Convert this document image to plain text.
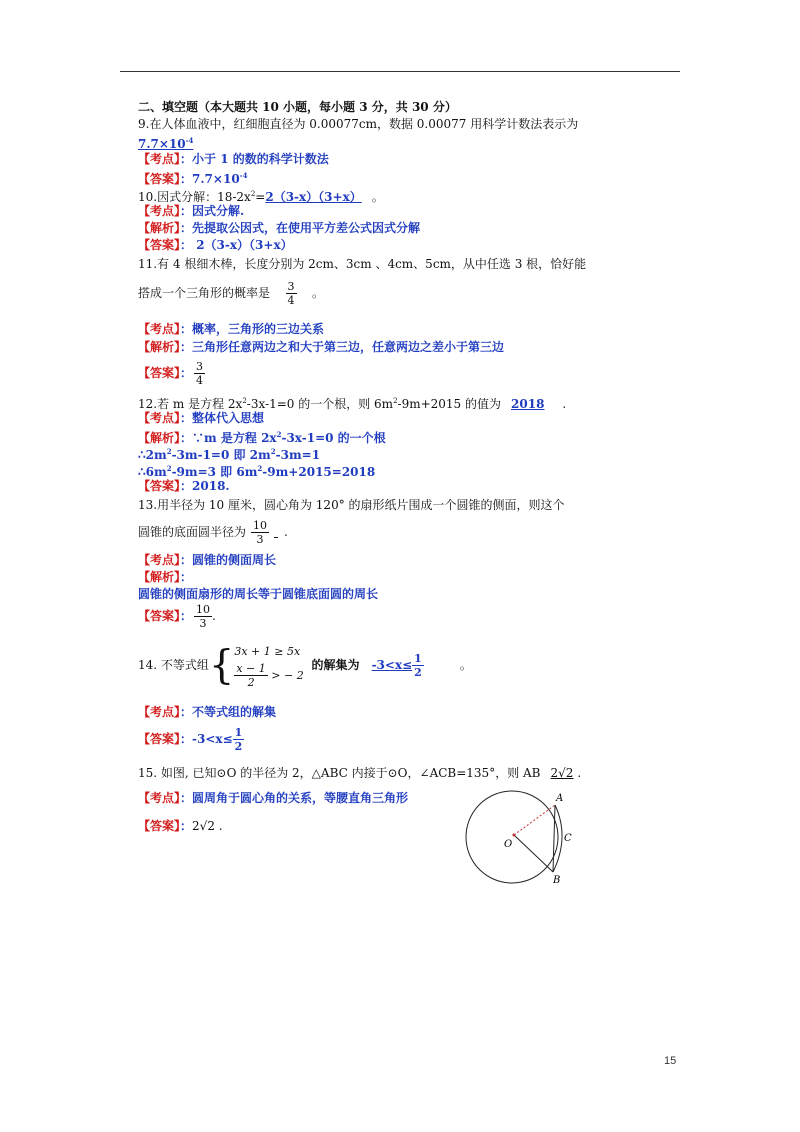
二、填空题（本大题共 10 小题，每小题 3 分，共 30 分）
9.在人体血液中，红细胞直径为 0.00077cm，数据 0.00077 用科学计数法表示为
$7.7\times 10^{-4}$
【考点】：小于 1 的数的科学计数法
【答案】：$7.7\times 10^{-4}$
10.因式分解：$18-2x^2=2(3-x)(3+x)$ 。
【考点】：因式分解.
【解析】：先提取公因式，在使用平方差公式因式分解
【答案】： 2（3-x）（3+x）
11.有 4 根细木棒，长度分别为 2cm、3cm 、4cm、5cm，从中任选 3 根，恰好能
搭成一个三角形的概率是 $\frac{3}{4}$ 。
【考点】：概率，三角形的三边关系
【解析】：三角形任意两边之和大于第三边，任意两边之差小于第三边
【答案】： $\frac{3}{4}$
12.若 m 是方程 $2x^2-3x-1=0$ 的一个根，则 $6m^2-9m+2015$ 的值为 2018 .
【考点】：整体代入思想
【解析】：∵m 是方程 $2x^2-3x-1=0$ 的一个根
$\therefore 2m^2-3m-1=0$ 即 $2m^2-3m=1$
$\therefore 6m^2-9m=3$ 即 $6m^2-9m+2015=2018$
【答案】：2018.
13.用半径为 10 厘米，圆心角为 120° 的扇形纸片围成一个圆锥的侧面，则这个
圆锥的底面圆半径为 $\frac{10}{3}$ .
【考点】：圆锥的侧面周长
【解析】：
圆锥的侧面扇形的周长等于圆锥底面圆的周长
【答案】： $\frac{10}{3}$ .
14. 不等式组{ 3x + 1 ≥ 5x
$\frac{x - 1}{2}$
> − 2
的解集为 $-3<x\le \frac{1}{2}$	。
【考点】：不等式组的解集
【答案】：$-3<x\le \frac{1}{2}$
15. 如图, 已知⊙O 的半径为 2，△ABC 内接于⊙O，∠ACB=135°，则 AB 2√2 .
【考点】：圆周角于圆心角的关系，等腰直角三角形
【答案】：2√2 .
A
C
B
O
15
